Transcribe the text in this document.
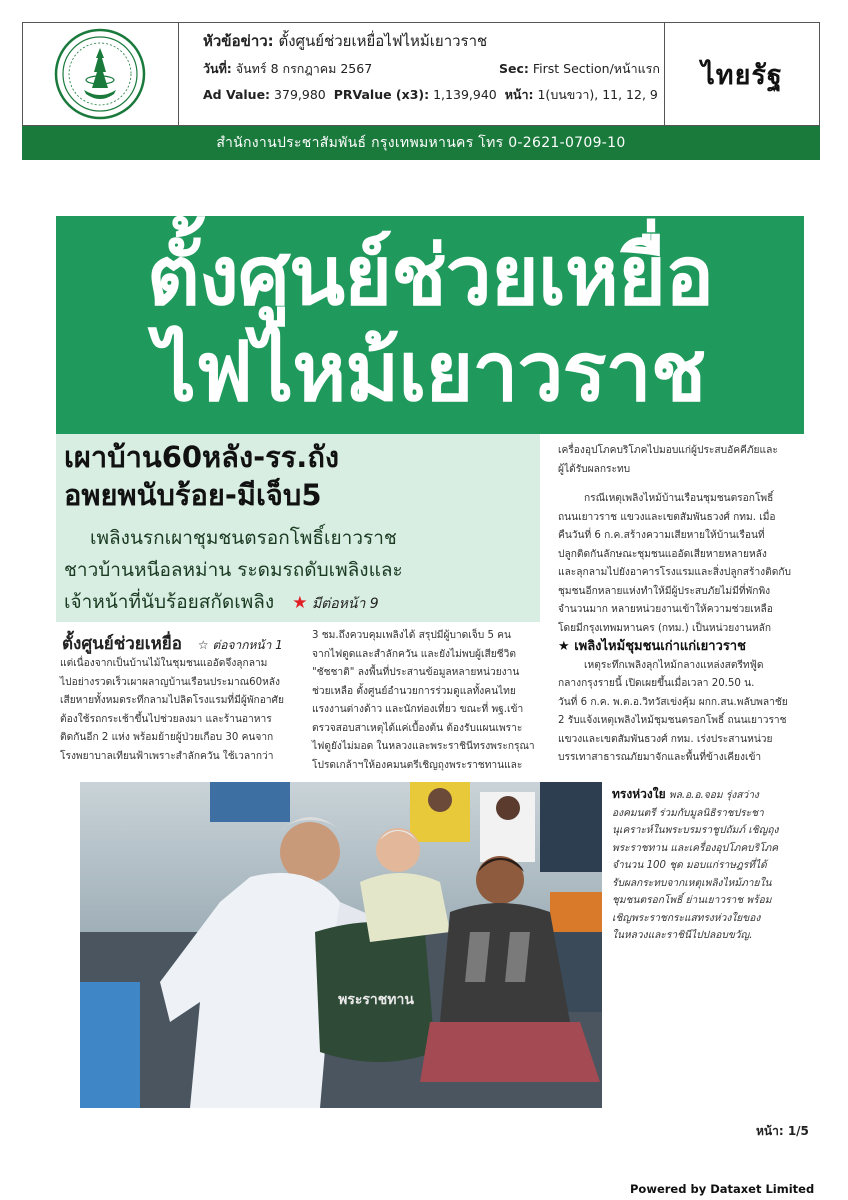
หัวข้อข่าว: ตั้งศูนย์ช่วยเหยื่อไฟไหม้เยาวราช
วันที่: จันทร์ 8 กรกฎาคม 2567	Sec: First Section/หน้าแรก
Ad Value: 379,980 PRValue (x3): 1,139,940 หน้า: 1(บนขวา), 11, 12, 9
ไทยรัฐ
สำนักงานประชาสัมพันธ์ กรุงเทพมหานคร โทร 0-2621-0709-10
ตั้งศูนย์ช่วยเหยื่อ
ไฟไหม้เยาวราช
เผาบ้าน60หลัง-รร.ถัง
อพยพนับร้อย-มีเจ็บ5
เพลิงนรกเผาชุมชนตรอกโพธิ์เยาวราช
ชาวบ้านหนีอลหม่าน ระดมรถดับเพลิงและ
เจ้าหน้าที่นับร้อยสกัดเพลิง ★ มีต่อหน้า 9
ตั้งศูนย์ช่วยเหยื่อ ☆ ต่อจากหน้า 1

แต่เนื่องจากเป็นบ้านไม้ในชุมชนแออัดจึงลุกลาม

ไปอย่างรวดเร็วเผาผลาญบ้านเรือนประมาณ60หลัง

เสียหายทั้งหมดระทึกลามไปลิดโรงแรมที่มีผู้พักอาศัย

ต้องใช้รถกระเช้าขึ้นไปช่วยลงมา และร้านอาหาร

ติดกันอีก 2 แห่ง พร้อมย้ายผู้ป่วยเกือบ 30 คนจาก

โรงพยาบาลเทียนฟ้าเพราะสำลักควัน ใช้เวลากว่า

3 ชม.ถึงควบคุมเพลิงได้ สรุปมีผู้บาดเจ็บ 5 คน

จากไฟดูดและสำลักควัน และยังไม่พบผู้เสียชีวิต

"ชัชชาติ" ลงพื้นที่ประสานข้อมูลหลายหน่วยงาน

ช่วยเหลือ ตั้งศูนย์อำนวยการร่วมดูแลทั้งคนไทย

แรงงานต่างด้าว และนักท่องเที่ยว ขณะที่ พฐ.เข้า

ตรวจสอบสาเหตุได้แค่เบื้องต้น ต้องรับแผนเพราะ

ไฟดูยังไม่มอด ในหลวงและพระราชินีทรงพระกรุณา

โปรดเกล้าฯให้องคมนตรีเชิญถุงพระราชทานและ

เครื่องอุปโภคบริโภคไปมอบแก่ผู้ประสบอัคคีภัยและ

ผู้ได้รับผลกระทบ

กรณีเหตุเพลิงไหม้บ้านเรือนชุมชนตรอกโพธิ์

ถนนเยาวราช แขวงและเขตสัมพันธวงศ์ กทม. เมื่อ

คืนวันที่ 6 ก.ค.สร้างความเสียหายให้บ้านเรือนที่

ปลูกติดกันลักษณะชุมชนแออัดเสียหายหลายหลัง

และลุกลามไปยังอาคารโรงแรมและสิ่งปลูกสร้างติดกับ

ชุมชนอีกหลายแห่งทำให้มีผู้ประสบภัยไม่มีที่พักพิง

จำนวนมาก หลายหน่วยงานเข้าให้ความช่วยเหลือ

โดยมีกรุงเทพมหานคร (กทม.) เป็นหน่วยงานหลัก

★ เพลิงไหม้ชุมชนเก่าแก่เยาวราช

เหตุระทึกเพลิงลุกไหม้กลางแหล่งสตรีทฟู้ด

กลางกรุงรายนี้ เปิดเผยขึ้นเมื่อเวลา 20.50 น.

วันที่ 6 ก.ค. พ.ต.อ.วิทวัสเข่งคุ้ม ผกก.สน.พลับพลาชัย

2 รับแจ้งเหตุเพลิงไหม้ชุมชนตรอกโพธิ์ ถนนเยาวราช

แขวงและเขตสัมพันธวงศ์ กทม. เร่งประสานหน่วย

บรรเทาสาธารณภัยมาจักและพื้นที่ข้างเคียงเข้า

พระราชทาน

ทรงห่วงใย พล.อ.อ.จอม รุ่งสว่าง

องคมนตรี ร่วมกับมูลนิธิราชประชา

นุเคราะห์ในพระบรมราชูปถัมภ์ เชิญถุง

พระราชทาน และเครื่องอุปโภคบริโภค

จำนวน 100 ชุด มอบแก่ราษฎรที่ได้

รับผลกระทบจากเหตุเพลิงไหม้ภายใน

ชุมชนตรอกโพธิ์ ย่านเยาวราช พร้อม

เชิญพระราชกระแสทรงห่วงใยของ

ในหลวงและราชินีไปปลอบขวัญ.

หน้า: 1/5
Powered by Dataxet Limited
